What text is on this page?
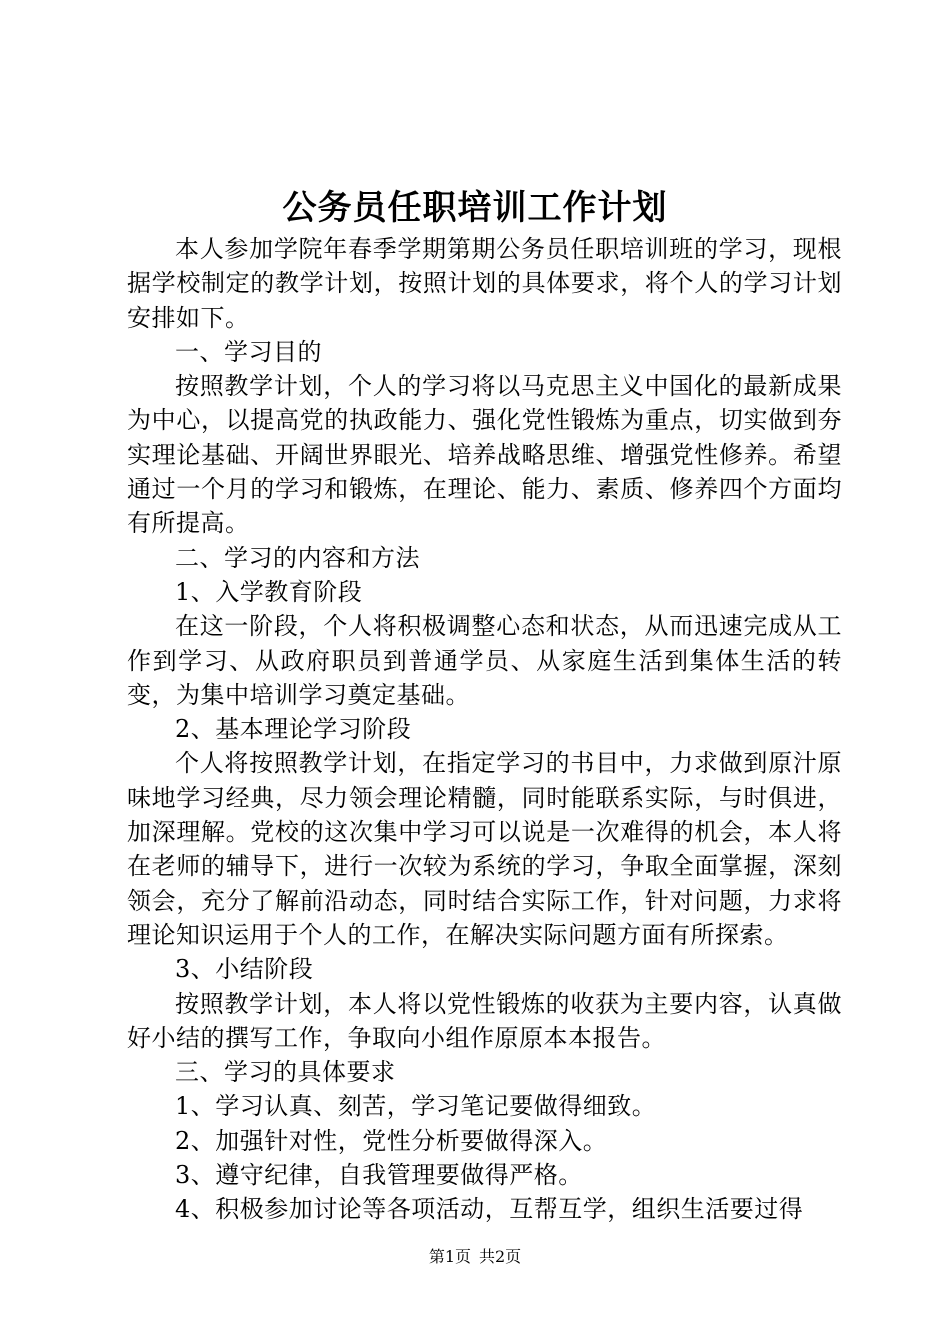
公务员任职培训工作计划

本人参加学院年春季学期第期公务员任职培训班的学习，现根据学校制定的教学计划，按照计划的具体要求，将个人的学习计划安排如下。

一、学习目的

按照教学计划，个人的学习将以马克思主义中国化的最新成果为中心，以提高党的执政能力、强化党性锻炼为重点，切实做到夯实理论基础、开阔世界眼光、培养战略思维、增强党性修养。希望通过一个月的学习和锻炼，在理论、能力、素质、修养四个方面均有所提高。

二、学习的内容和方法

1、入学教育阶段

在这一阶段，个人将积极调整心态和状态，从而迅速完成从工作到学习、从政府职员到普通学员、从家庭生活到集体生活的转变，为集中培训学习奠定基础。

2、基本理论学习阶段

个人将按照教学计划，在指定学习的书目中，力求做到原汁原味地学习经典，尽力领会理论精髓，同时能联系实际，与时俱进，加深理解。党校的这次集中学习可以说是一次难得的机会，本人将在老师的辅导下，进行一次较为系统的学习，争取全面掌握，深刻领会，充分了解前沿动态，同时结合实际工作，针对问题，力求将理论知识运用于个人的工作，在解决实际问题方面有所探索。

3、小结阶段

按照教学计划，本人将以党性锻炼的收获为主要内容，认真做好小结的撰写工作，争取向小组作原原本本报告。

三、学习的具体要求

1、学习认真、刻苦，学习笔记要做得细致。

2、加强针对性，党性分析要做得深入。

3、遵守纪律，自我管理要做得严格。

4、积极参加讨论等各项活动，互帮互学，组织生活要过得

第1页 共2页
